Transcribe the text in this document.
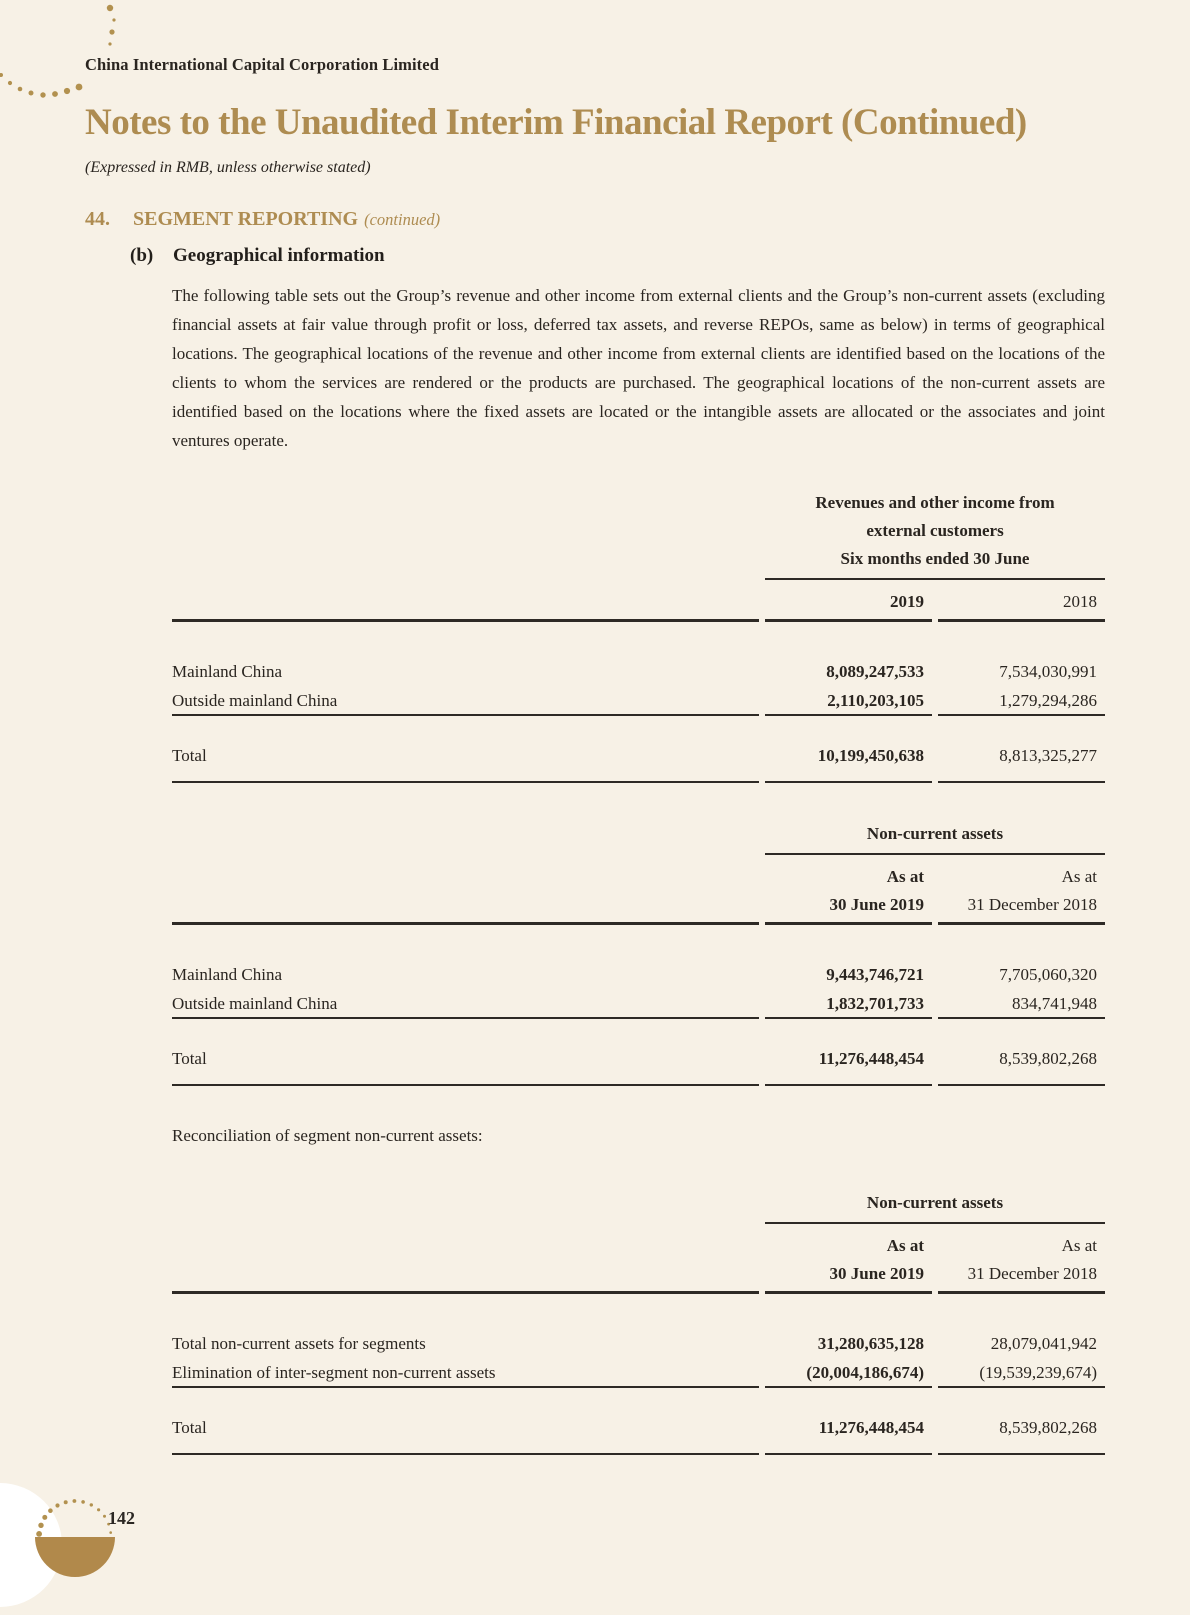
China International Capital Corporation Limited
Notes to the Unaudited Interim Financial Report (Continued)
(Expressed in RMB, unless otherwise stated)
44. SEGMENT REPORTING (continued)
(b) Geographical information

The following table sets out the Group’s revenue and other income from external clients and the Group’s non-current assets (excluding financial assets at fair value through profit or loss, deferred tax assets, and reverse REPOs, same as below) in terms of geographical locations. The geographical locations of the revenue and other income from external clients are identified based on the locations of the clients to whom the services are rendered or the products are purchased. The geographical locations of the non-current assets are identified based on the locations where the fixed assets are located or the intangible assets are allocated or the associates and joint ventures operate.

Revenues and other income from
external customers
Six months ended 30 June
2019	2018
Mainland China	8,089,247,533	7,534,030,991
Outside mainland China	2,110,203,105	1,279,294,286
Total	10,199,450,638	8,813,325,277
Non-current assets
As at
30 June 2019
As at
31 December 2018
Mainland China	9,443,746,721	7,705,060,320
Outside mainland China	1,832,701,733	834,741,948
Total	11,276,448,454	8,539,802,268
Reconciliation of segment non-current assets:
Non-current assets
As at
30 June 2019
As at
31 December 2018
Total non-current assets for segments	31,280,635,128	28,079,041,942
Elimination of inter-segment non-current assets	(20,004,186,674)	(19,539,239,674)
Total	11,276,448,454	8,539,802,268
142
